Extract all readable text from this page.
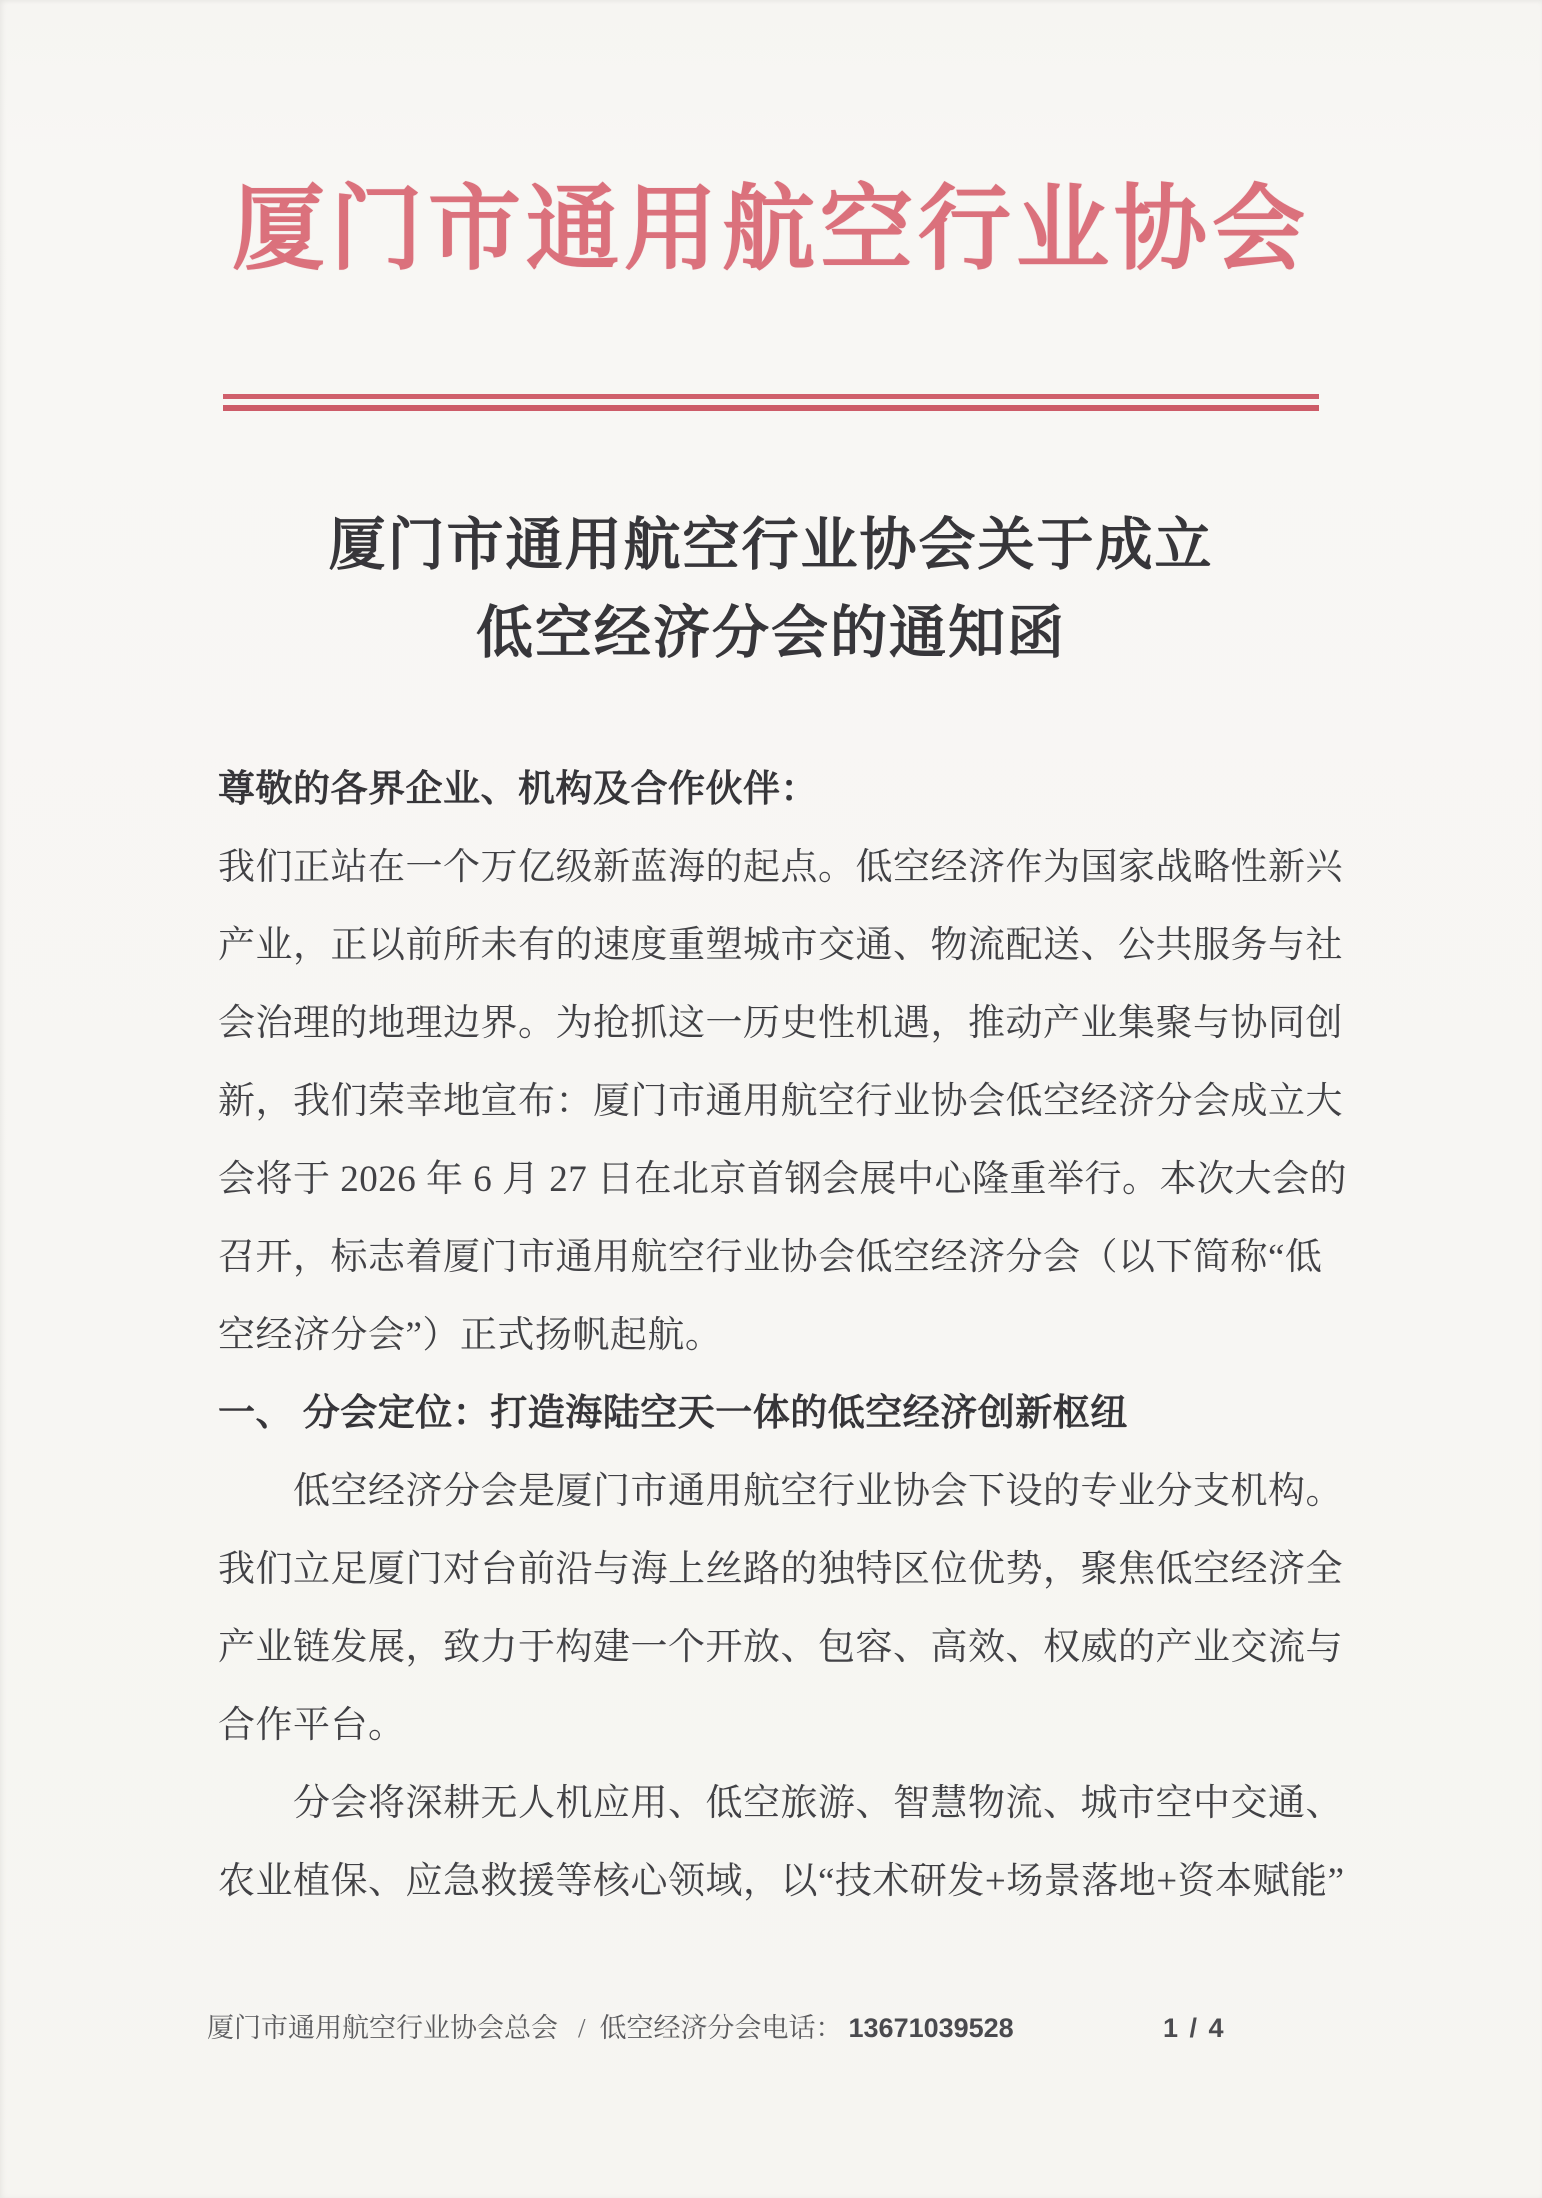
厦门市通用航空行业协会
厦门市通用航空行业协会关于成立
低空经济分会的通知函
尊敬的各界企业、机构及合作伙伴：
我们正站在一个万亿级新蓝海的起点。低空经济作为国家战略性新兴
产业，正以前所未有的速度重塑城市交通、物流配送、公共服务与社
会治理的地理边界。为抢抓这一历史性机遇，推动产业集聚与协同创
新，我们荣幸地宣布：厦门市通用航空行业协会低空经济分会成立大
会将于 2026 年 6 月 27 日在北京首钢会展中心隆重举行。本次大会的
召开，标志着厦门市通用航空行业协会低空经济分会（以下简称“低
空经济分会”）正式扬帆起航。
一、 分会定位：打造海陆空天一体的低空经济创新枢纽
低空经济分会是厦门市通用航空行业协会下设的专业分支机构。
我们立足厦门对台前沿与海上丝路的独特区位优势，聚焦低空经济全
产业链发展，致力于构建一个开放、包容、高效、权威的产业交流与
合作平台。
分会将深耕无人机应用、低空旅游、智慧物流、城市空中交通、
农业植保、应急救援等核心领域，以“技术研发+场景落地+资本赋能”
厦门市通用航空行业协会总会 / 低空经济分会电话： 13671039528	1 / 4
